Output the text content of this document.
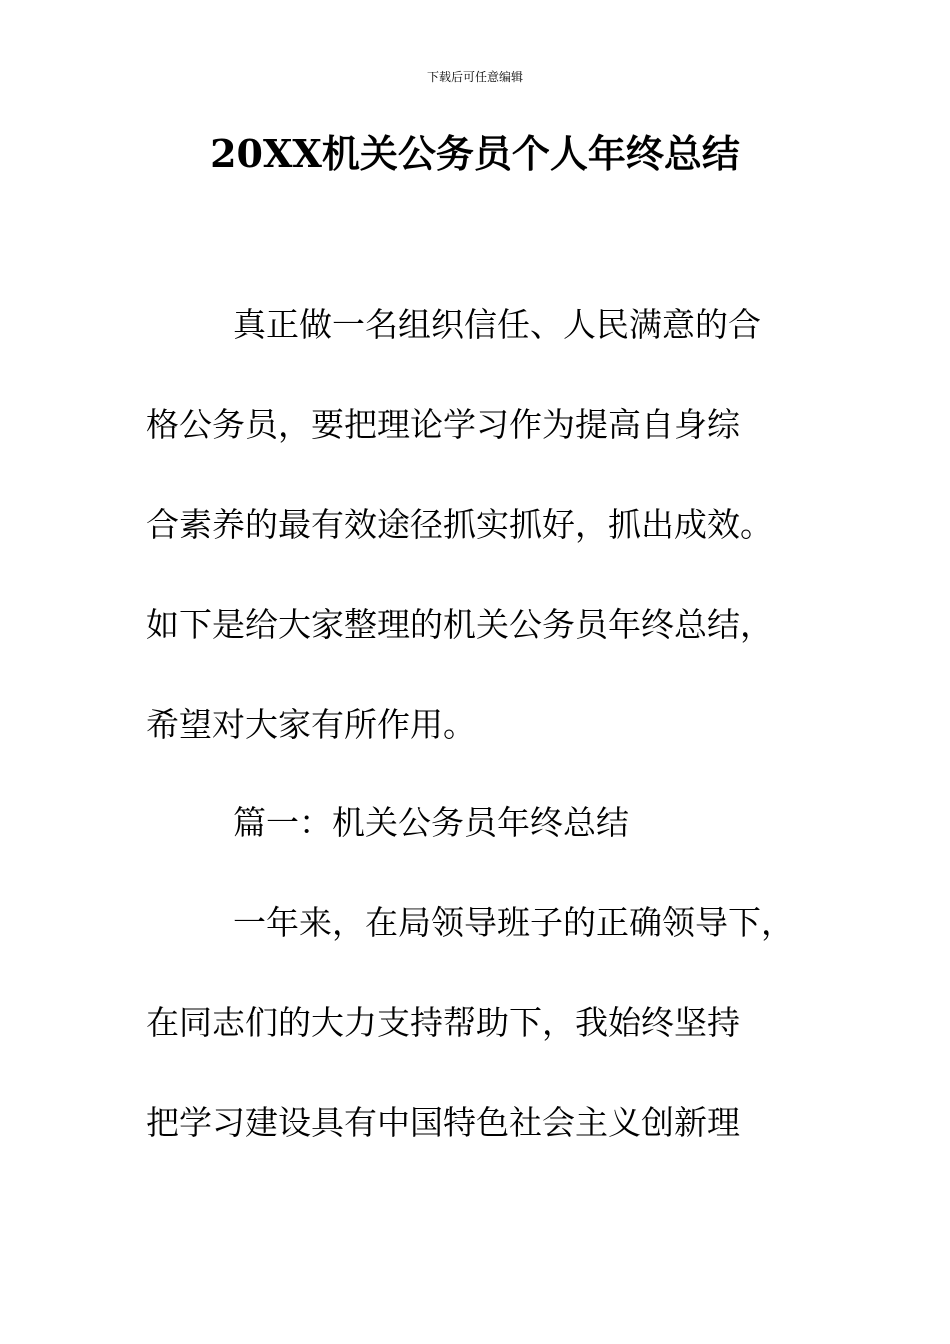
下载后可任意编辑
20XX机关公务员个人年终总结
真正做一名组织信任、人民满意的合
格公务员，要把理论学习作为提高自身综
合素养的最有效途径抓实抓好，抓出成效。
如下是给大家整理的机关公务员年终总结，
希望对大家有所作用。
篇一：机关公务员年终总结
一年来，在局领导班子的正确领导下，
在同志们的大力支持帮助下，我始终坚持
把学习建设具有中国特色社会主义创新理
